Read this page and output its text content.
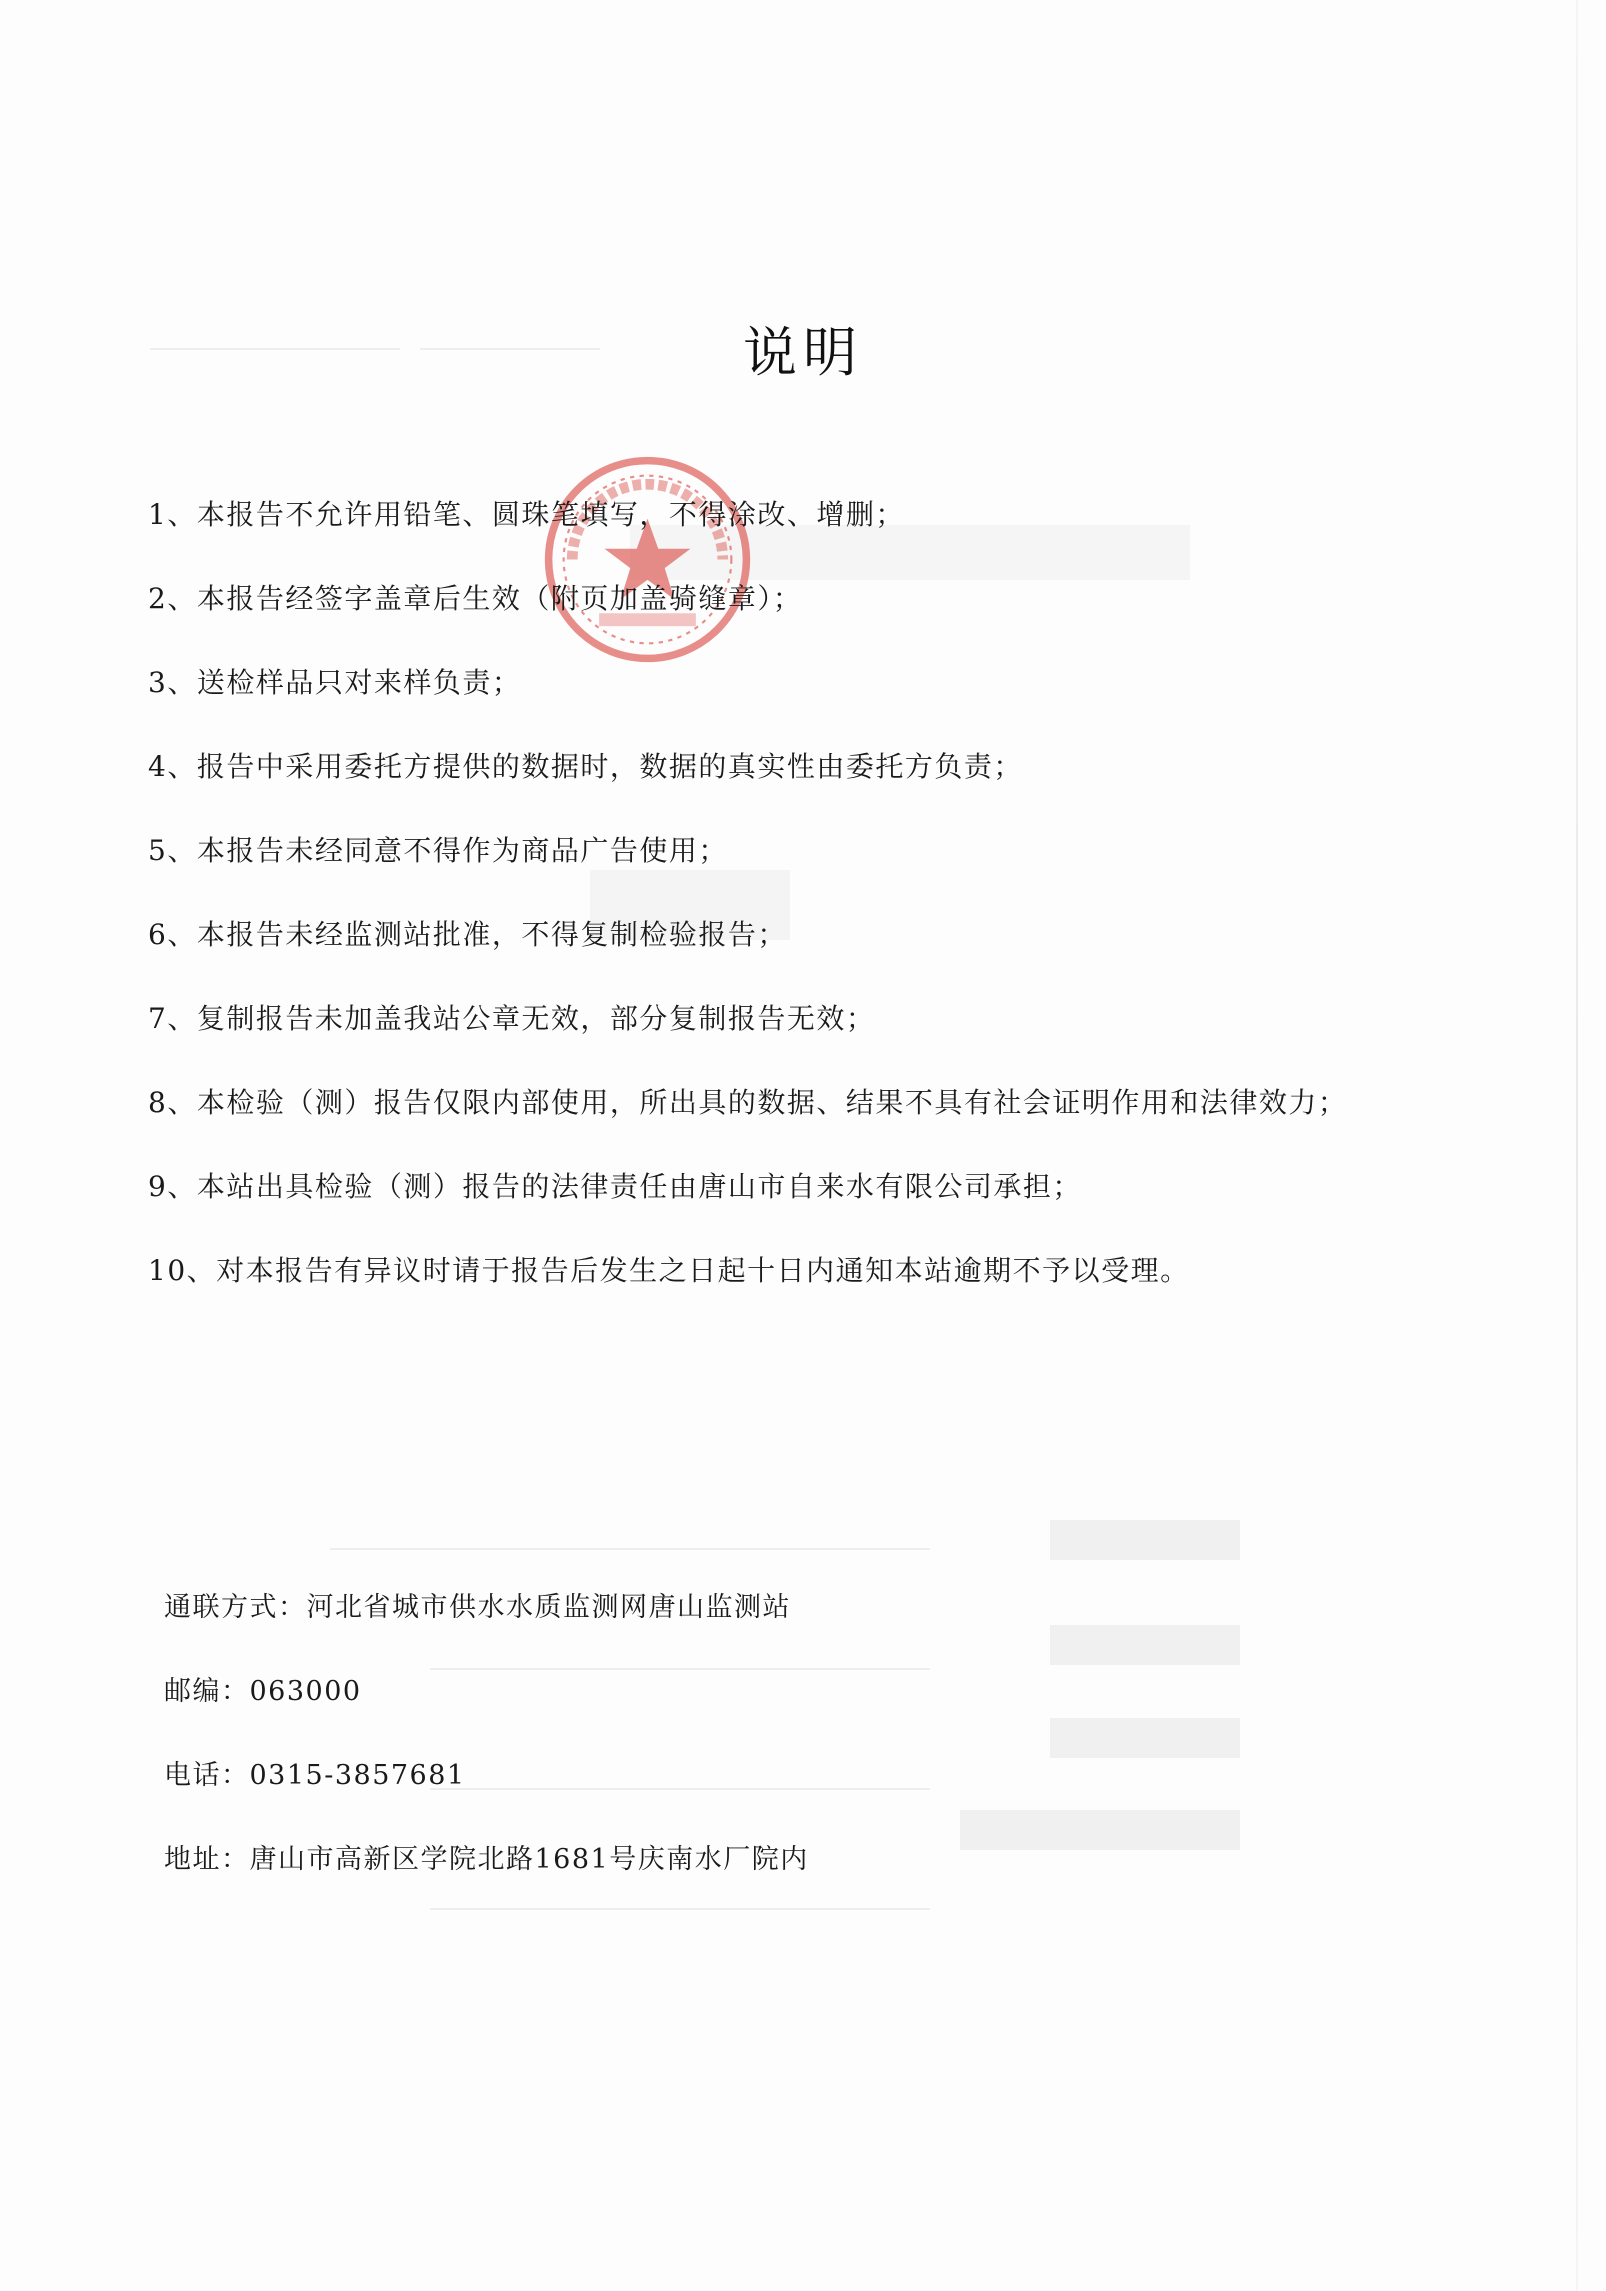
说明
1、本报告不允许用铅笔、圆珠笔填写，不得涂改、增删；
2、本报告经签字盖章后生效（附页加盖骑缝章）；
3、送检样品只对来样负责；
4、报告中采用委托方提供的数据时，数据的真实性由委托方负责；
5、本报告未经同意不得作为商品广告使用；
6、本报告未经监测站批准，不得复制检验报告；
7、复制报告未加盖我站公章无效，部分复制报告无效；
8、本检验（测）报告仅限内部使用，所出具的数据、结果不具有社会证明作用和法律效力；
9、本站出具检验（测）报告的法律责任由唐山市自来水有限公司承担；
10、对本报告有异议时请于报告后发生之日起十日内通知本站逾期不予以受理。
通联方式：河北省城市供水水质监测网唐山监测站
邮编：063000
电话：0315-3857681
地址：唐山市高新区学院北路1681号庆南水厂院内
